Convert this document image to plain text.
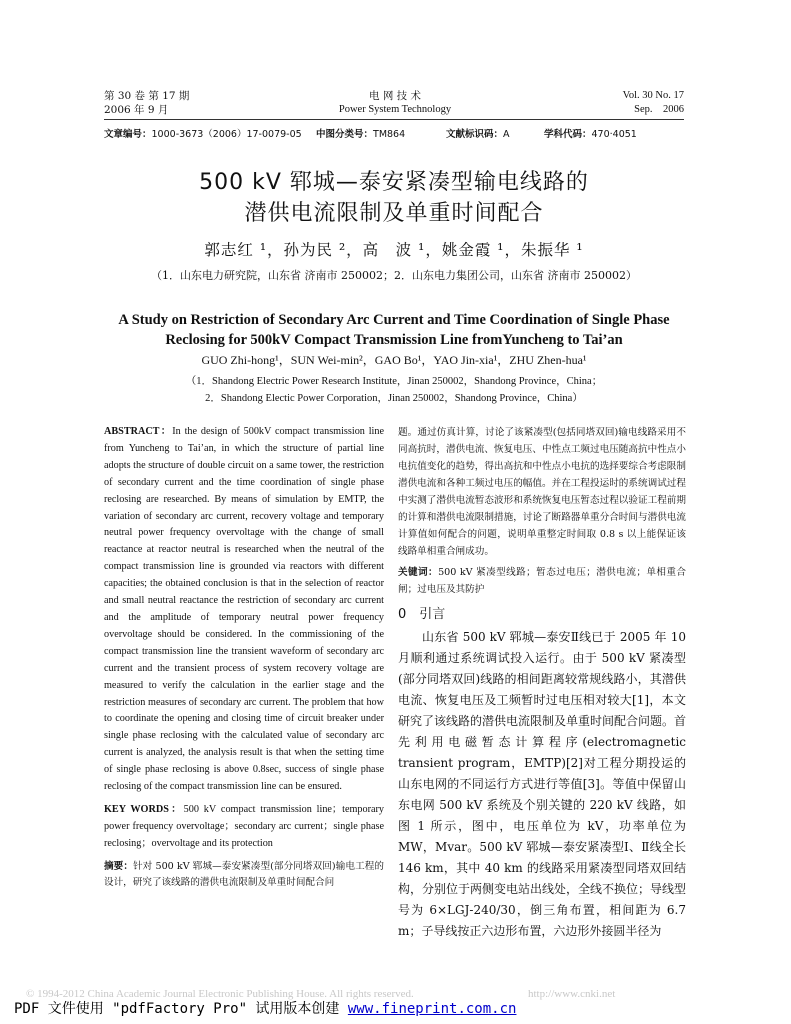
第 30 卷 第 17 期
2006 年 9 月
电 网 技 术
Power System Technology
Vol. 30 No. 17
Sep.    2006
文章编号：1000-3673（2006）17-0079-05 中图分类号：TM864	文献标识码：A	学科代码：470·4051
500 kV 郓城—泰安紧凑型输电线路的
潜供电流限制及单重时间配合
郭志红 ¹，孙为民 ²，高　波 ¹，姚金霞 ¹，朱振华 ¹
（1．山东电力研究院，山东省 济南市 250002；2．山东电力集团公司，山东省 济南市 250002）
A Study on Restriction of Secondary Arc Current and Time Coordination of Single Phase
Reclosing for 500kV Compact Transmission Line fromYuncheng to Tai’an
GUO Zhi-hong¹，SUN Wei-min²，GAO Bo¹，YAO Jin-xia¹，ZHU Zhen-hua¹
（1．Shandong Electric Power Research Institute，Jinan 250002，Shandong Province，China；
2．Shandong Electic Power Corporation，Jinan 250002，Shandong Province，China）

ABSTRACT：In the design of 500kV compact transmission line from Yuncheng to Tai’an, in which the structure of partial line adopts the structure of double circuit on a same tower, the restriction of secondary current and the time coordination of single phase reclosing are researched. By means of simulation by EMTP, the variation of secondary arc current, recovery voltage and temporary neutral power frequency overvoltage with the change of small reactance at reactor neutral is researched when the neutral of the compact transmission line is grounded via reactors with different capacities; the obtained conclusion is that in the selection of reactor and small neutral reactance the restriction of secondary arc current and the amplitude of temporary neutral power frequency overvoltage should be considered. In the commissioning of the compact transmission line the transient waveform of secondary arc current and the transient process of system recovery voltage are measured to verify the calculation in the earlier stage and the restriction measures of secondary arc current. The problem that how to coordinate the opening and closing time of circuit breaker under single phase reclosing with the calculated value of secondary arc current is analyzed, the analysis result is that when the setting time of single phase reclosing is above 0.8sec, success of single phase reclosing of the compact transmission line can be ensured.

KEY WORDS：500 kV compact transmission line；temporary power frequency overvoltage；secondary arc current；single phase reclosing；overvoltage and its protection

摘要：针对 500 kV 郓城—泰安紧凑型(部分同塔双回)输电工程的设计，研究了该线路的潜供电流限制及单重时间配合问

题。通过仿真计算，讨论了该紧凑型(包括同塔双回)输电线路采用不同高抗时，潜供电流、恢复电压、中性点工频过电压随高抗中性点小电抗值变化的趋势，得出高抗和中性点小电抗的选择要综合考虑限制潜供电流和各种工频过电压的幅值。并在工程投运时的系统调试过程中实测了潜供电流暂态波形和系统恢复电压暂态过程以验证工程前期的计算和潜供电流限制措施，讨论了断路器单重分合时间与潜供电流计算值如何配合的问题，说明单重整定时间取 0.8 s 以上能保证该线路单相重合闸成功。

关键词：500 kV 紧凑型线路；暂态过电压；潜供电流；单相重合闸；过电压及其防护

0　引言

山东省 500 kV 郓城—泰安Ⅱ线已于 2005 年 10 月顺利通过系统调试投入运行。由于 500 kV 紧凑型(部分同塔双回)线路的相间距离较常规线路小，其潜供电流、恢复电压及工频暂时过电压相对较大[1]，本文研究了该线路的潜供电流限制及单重时间配合问题。首先利用电磁暂态计算程序(electromagnetic transient program，EMTP)[2]对工程分期投运的山东电网的不同运行方式进行等值[3]。等值中保留山东电网 500 kV 系统及个别关键的 220 kV 线路，如图 1 所示，图中，电压单位为 kV，功率单位为 MW，Mvar。500 kV 郓城—泰安紧凑型Ⅰ、Ⅱ线全长 146 km，其中 40 km 的线路采用紧凑型同塔双回结构，分别位于两侧变电站出线处，全线不换位；导线型号为 6×LGJ-240/30，倒三角布置，相间距为 6.7 m；子导线按正六边形布置，六边形外接圆半径为

© 1994-2012 China Academic Journal Electronic Publishing House. All rights reserved.	http://www.cnki.net
PDF 文件使用 "pdfFactory Pro" 试用版本创建 www.fineprint.com.cn
